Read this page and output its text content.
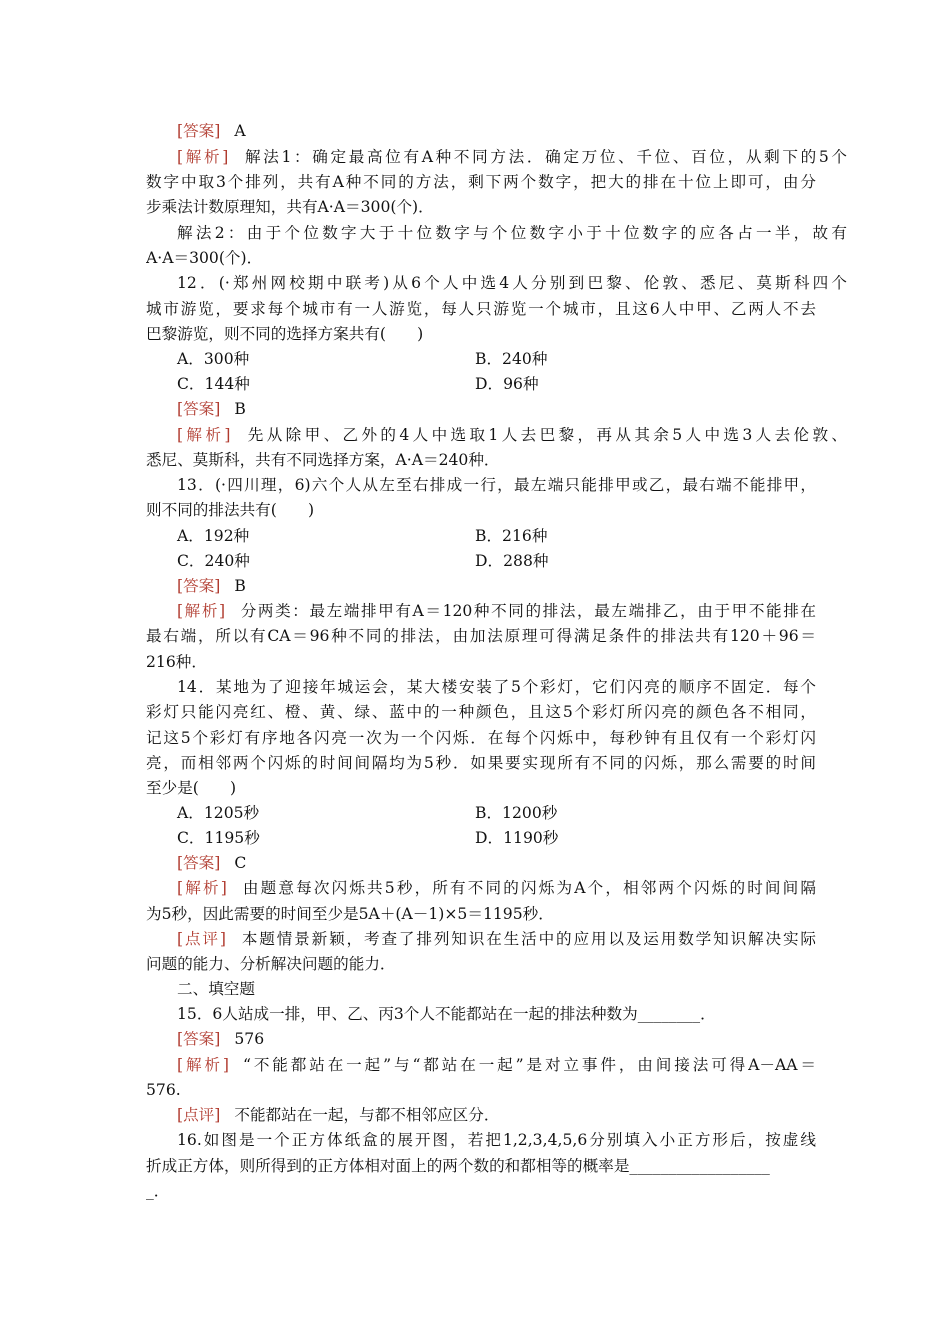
[答案] A
[解析] 解法1：确定最高位有A种不同方法．确定万位、千位、百位，从剩下的5个
数字中取3个排列，共有A种不同的方法，剩下两个数字，把大的排在十位上即可，由分
步乘法计数原理知，共有A·A＝300(个)．
解法2：由于个位数字大于十位数字与个位数字小于十位数字的应各占一半，故有
A·A＝300(个)．
12．(·郑州网校期中联考)从6个人中选4人分别到巴黎、伦敦、悉尼、莫斯科四个
城市游览，要求每个城市有一人游览，每人只游览一个城市，且这6人中甲、乙两人不去
巴黎游览，则不同的选择方案共有(　　)
A．300种	B．240种
C．144种	D．96种
[答案] B
[解析] 先从除甲、乙外的4人中选取1人去巴黎，再从其余5人中选3人去伦敦、
悉尼、莫斯科，共有不同选择方案，A·A＝240种．
13．(·四川理，6)六个人从左至右排成一行，最左端只能排甲或乙，最右端不能排甲，
则不同的排法共有(　　)
A．192种	B．216种
C．240种	D．288种
[答案] B
[解析] 分两类：最左端排甲有A＝120种不同的排法，最左端排乙，由于甲不能排在
最右端，所以有CA＝96种不同的排法，由加法原理可得满足条件的排法共有120＋96＝
216种．
14．某地为了迎接年城运会，某大楼安装了5个彩灯，它们闪亮的顺序不固定．每个
彩灯只能闪亮红、橙、黄、绿、蓝中的一种颜色，且这5个彩灯所闪亮的颜色各不相同，
记这5个彩灯有序地各闪亮一次为一个闪烁．在每个闪烁中，每秒钟有且仅有一个彩灯闪
亮，而相邻两个闪烁的时间间隔均为5秒．如果要实现所有不同的闪烁，那么需要的时间
至少是(　　)
A．1205秒	B．1200秒
C．1195秒	D．1190秒
[答案] C
[解析] 由题意每次闪烁共5秒，所有不同的闪烁为A个，相邻两个闪烁的时间间隔
为5秒，因此需要的时间至少是5A＋(A－1)×5＝1195秒．
[点评] 本题情景新颖，考查了排列知识在生活中的应用以及运用数学知识解决实际
问题的能力、分析解决问题的能力．
二、填空题
15．6人站成一排，甲、乙、丙3个人不能都站在一起的排法种数为________．
[答案] 576
[解析] “不能都站在一起”与“都站在一起”是对立事件，由间接法可得A－AA＝
576.
[点评] 不能都站在一起，与都不相邻应区分．
16.如图是一个正方体纸盒的展开图，若把1,2,3,4,5,6分别填入小正方形后，按虚线
折成正方体，则所得到的正方体相对面上的两个数的和都相等的概率是__________________
_．
